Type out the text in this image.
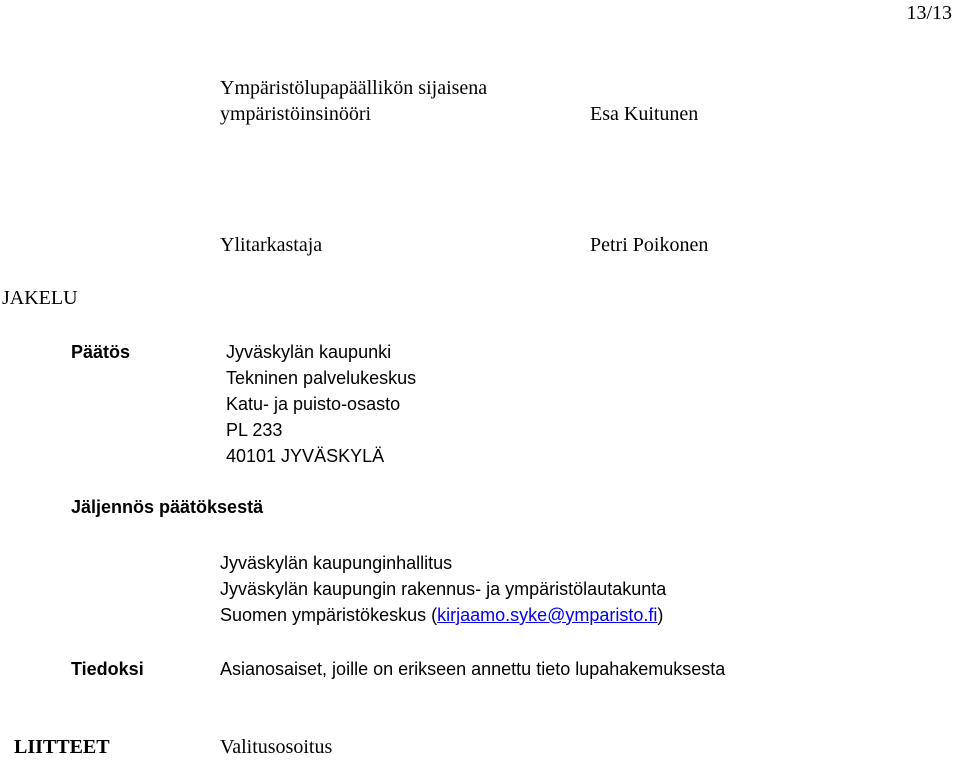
13/13
Ympäristölupapäällikön sijaisena
ympäristöinsinööri	Esa Kuitunen
Ylitarkastaja	Petri Poikonen
JAKELU
Päätös	Jyväskylän kaupunki
Tekninen palvelukeskus
Katu- ja puisto-osasto
PL 233
40101 JYVÄSKYLÄ
Jäljennös päätöksestä
Jyväskylän kaupunginhallitus
Jyväskylän kaupungin rakennus- ja ympäristölautakunta
Suomen ympäristökeskus (kirjaamo.syke@ymparisto.fi)
Tiedoksi	Asianosaiset, joille on erikseen annettu tieto lupahakemuksesta
LIITTEET	Valitusosoitus
